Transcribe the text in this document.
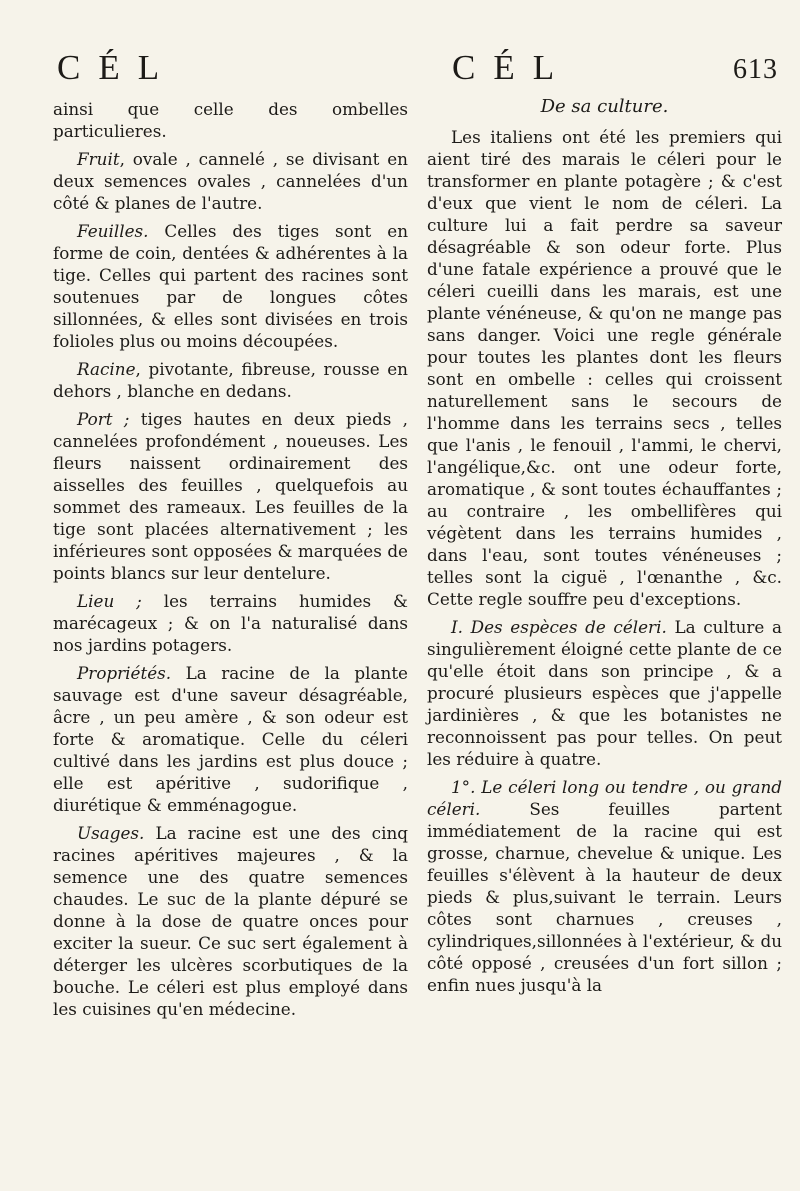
CÉL

ainsi que celle des ombelles particulieres.

Fruit, ovale , cannelé , se divisant en deux semences ovales , cannelées d'un côté & planes de l'autre.

Feuilles. Celles des tiges sont en forme de coin, dentées & adhérentes à la tige. Celles qui partent des racines sont soutenues par de longues côtes sillonnées, & elles sont divisées en trois folioles plus ou moins découpées.

Racine, pivotante, fibreuse, rousse en dehors , blanche en dedans.

Port ; tiges hautes en deux pieds , cannelées profondément , noueuses. Les fleurs naissent ordinairement des aisselles des feuilles , quelquefois au sommet des rameaux. Les feuilles de la tige sont placées alternativement ; les inférieures sont opposées & marquées de points blancs sur leur dentelure.

Lieu ; les terrains humides & marécageux ; & on l'a naturalisé dans nos jardins potagers.

Propriétés. La racine de la plante sauvage est d'une saveur désagréable, âcre , un peu amère , & son odeur est forte & aromatique. Celle du céleri cultivé dans les jardins est plus douce ; elle est apéritive , sudorifique , diurétique & emménagogue.

Usages. La racine est une des cinq racines apéritives majeures , & la semence une des quatre semences chaudes. Le suc de la plante dépuré se donne à la dose de quatre onces pour exciter la sueur. Ce suc sert également à déterger les ulcères scorbutiques de la bouche. Le céleri est plus employé dans les cuisines qu'en médecine.

CÉL	613
De sa culture.

Les italiens ont été les premiers qui aient tiré des marais le céleri pour le transformer en plante potagère ; & c'est d'eux que vient le nom de céleri. La culture lui a fait perdre sa saveur désagréable & son odeur forte. Plus d'une fatale expérience a prouvé que le céleri cueilli dans les marais, est une plante vénéneuse, & qu'on ne mange pas sans danger. Voici une regle générale pour toutes les plantes dont les fleurs sont en ombelle : celles qui croissent naturellement sans le secours de l'homme dans les terrains secs , telles que l'anis , le fenouil , l'ammi, le chervi, l'angélique,&c. ont une odeur forte, aromatique , & sont toutes échauffantes ; au contraire , les ombellifères qui végètent dans les terrains humides , dans l'eau, sont toutes vénéneuses ; telles sont la ciguë , l'œnanthe , &c. Cette regle souffre peu d'exceptions.

I. Des espèces de céleri. La culture a singulièrement éloigné cette plante de ce qu'elle étoit dans son principe , & a procuré plusieurs espèces que j'appelle jardinières , & que les botanistes ne reconnoissent pas pour telles. On peut les réduire à quatre.

1°. Le céleri long ou tendre , ou grand céleri. Ses feuilles partent immédiatement de la racine qui est grosse, charnue, chevelue & unique. Les feuilles s'élèvent à la hauteur de deux pieds & plus,suivant le terrain. Leurs côtes sont charnues , creuses , cylindriques,sillonnées à l'extérieur, & du côté opposé , creusées d'un fort sillon ; enfin nues jusqu'à la
